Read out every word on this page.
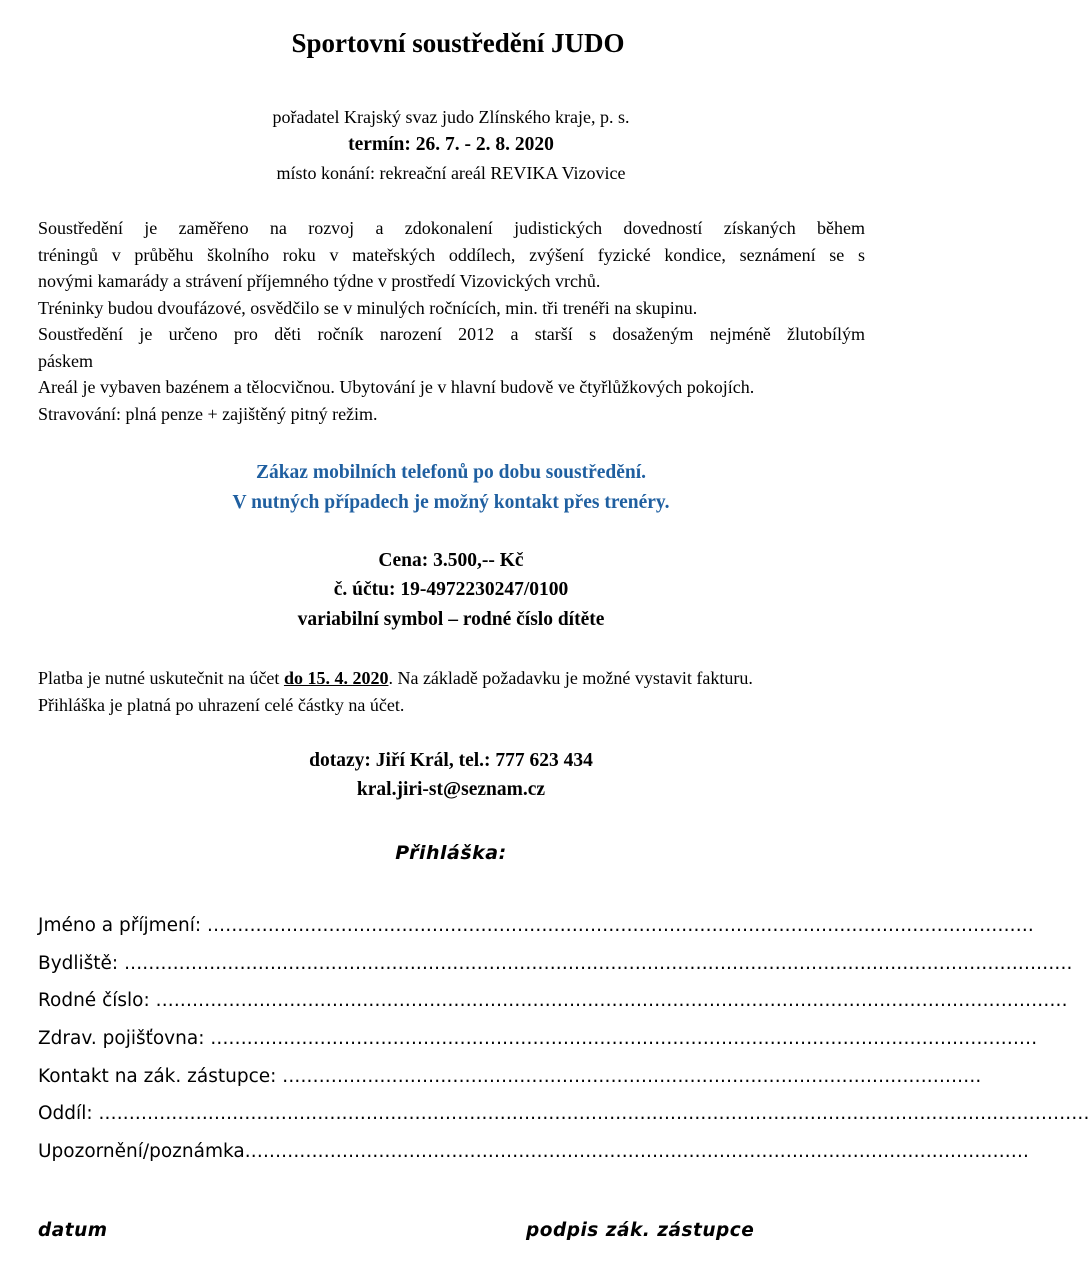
Sportovní soustředění JUDO
pořadatel Krajský svaz judo Zlínského kraje, p. s.
termín: 26. 7. - 2. 8. 2020
místo konání: rekreační areál REVIKA Vizovice

Soustředění je zaměřeno na rozvoj a zdokonalení judistických dovedností získaných během

tréningů v průběhu školního roku v mateřských oddílech, zvýšení fyzické kondice, seznámení se s

novými kamarády a strávení příjemného týdne v prostředí Vizovických vrchů.

Tréninky budou dvoufázové, osvědčilo se v minulých ročnících, min. tři trenéři na skupinu.

Soustředění je určeno pro děti ročník narození 2012 a starší s dosaženým nejméně žlutobílým

páskem

Areál je vybaven bazénem a tělocvičnou. Ubytování je v hlavní budově ve čtyřlůžkových pokojích.

Stravování: plná penze + zajištěný pitný režim.

Zákaz mobilních telefonů po dobu soustředění.
V nutných případech je možný kontakt přes trenéry.
Cena: 3.500,-- Kč
č. účtu: 19-4972230247/0100
variabilní symbol – rodné číslo dítěte

Platba je nutné uskutečnit na účet do 15. 4. 2020. Na základě požadavku je možné vystavit fakturu.

Přihláška je platná po uhrazení celé částky na účet.

dotazy: Jiří Král, tel.: 777 623 434
kral.jiri-st@seznam.cz
Přihláška:
Jméno a příjmení: ........................................................................................................................................
Bydliště: ............................................................................................................................................................
Rodné číslo: ......................................................................................................................................................
Zdrav. pojišťovna: ........................................................................................................................................
Kontakt na zák. zástupce: ...................................................................................................................
Oddíl: ...................................................................................................................................................................
Upozornění/poznámka.................................................................................................................................
datum	podpis zák. zástupce
